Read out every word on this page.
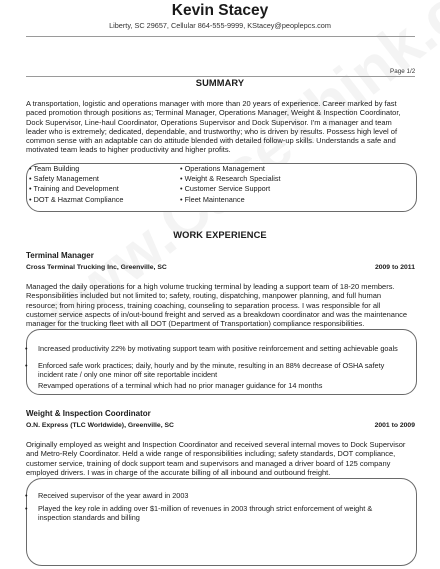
Kevin Stacey
Liberty, SC 29657, Cellular 864-555-9999, KStacey@peoplepcs.com
Page 1/2
SUMMARY
A transportation, logistic and operations manager with more than 20 years of experience. Career marked by fast
paced promotion through positions as; Terminal Manager, Operations Manager, Weight & Inspection Coordinator,
Dock Supervisor, Line-haul Coordinator, Operations Supervisor and Dock Supervisor. I'm a manager and team
leader who is extremely; dedicated, dependable, and trustworthy; who is driven by results. Possess high level of
common sense with an adaptable can do attitude blended with detailed follow-up skills. Understands a safe and
motivated team leads to higher productivity and higher profits.
• Team Building
• Safety Management
• Training and Development
• DOT & Hazmat Compliance
• Operations Management
• Weight & Research Specialist
• Customer Service Support
• Fleet Maintenance
WORK EXPERIENCE
Terminal Manager
Cross Terminal Trucking Inc, Greenville, SC	2009 to 2011
Managed the daily operations for a high volume trucking terminal by leading a support team of 18-20 members.
Responsibilities included but not limited to; safety, routing, dispatching, manpower planning, and full human
resource; from hiring process, training coaching, counseling to separation process. I was responsible for all
customer service aspects of in/out-bound freight and served as a breakdown coordinator and was the maintenance
manager for the trucking fleet with all DOT (Department of Transportation) compliance responsibilities.
• Increased productivity 22% by motivating support team with positive reinforcement and setting achievable goals
• Enforced safe work practices; daily, hourly and by the minute, resulting in an 88% decrease of OSHA safety
incident rate / only one minor off site reportable incident
Revamped operations of a terminal which had no prior manager guidance for 14 months
Weight & Inspection Coordinator
O.N. Express (TLC Worldwide), Greenville, SC	2001 to 2009
Originally employed as weight and Inspection Coordinator and received several internal moves to Dock Supervisor
and Metro-Rely Coordinator. Held a wide range of responsibilities including; safety standards, DOT compliance,
customer service, training of dock support team and supervisors and managed a driver board of 125 company
employed drivers. I was in charge of the accurate billing of all inbound and outbound freight.
• Received supervisor of the year award in 2003
• Played the key role in adding over $1-million of revenues in 2003 through strict enforcement of weight &
inspection standards and billing
